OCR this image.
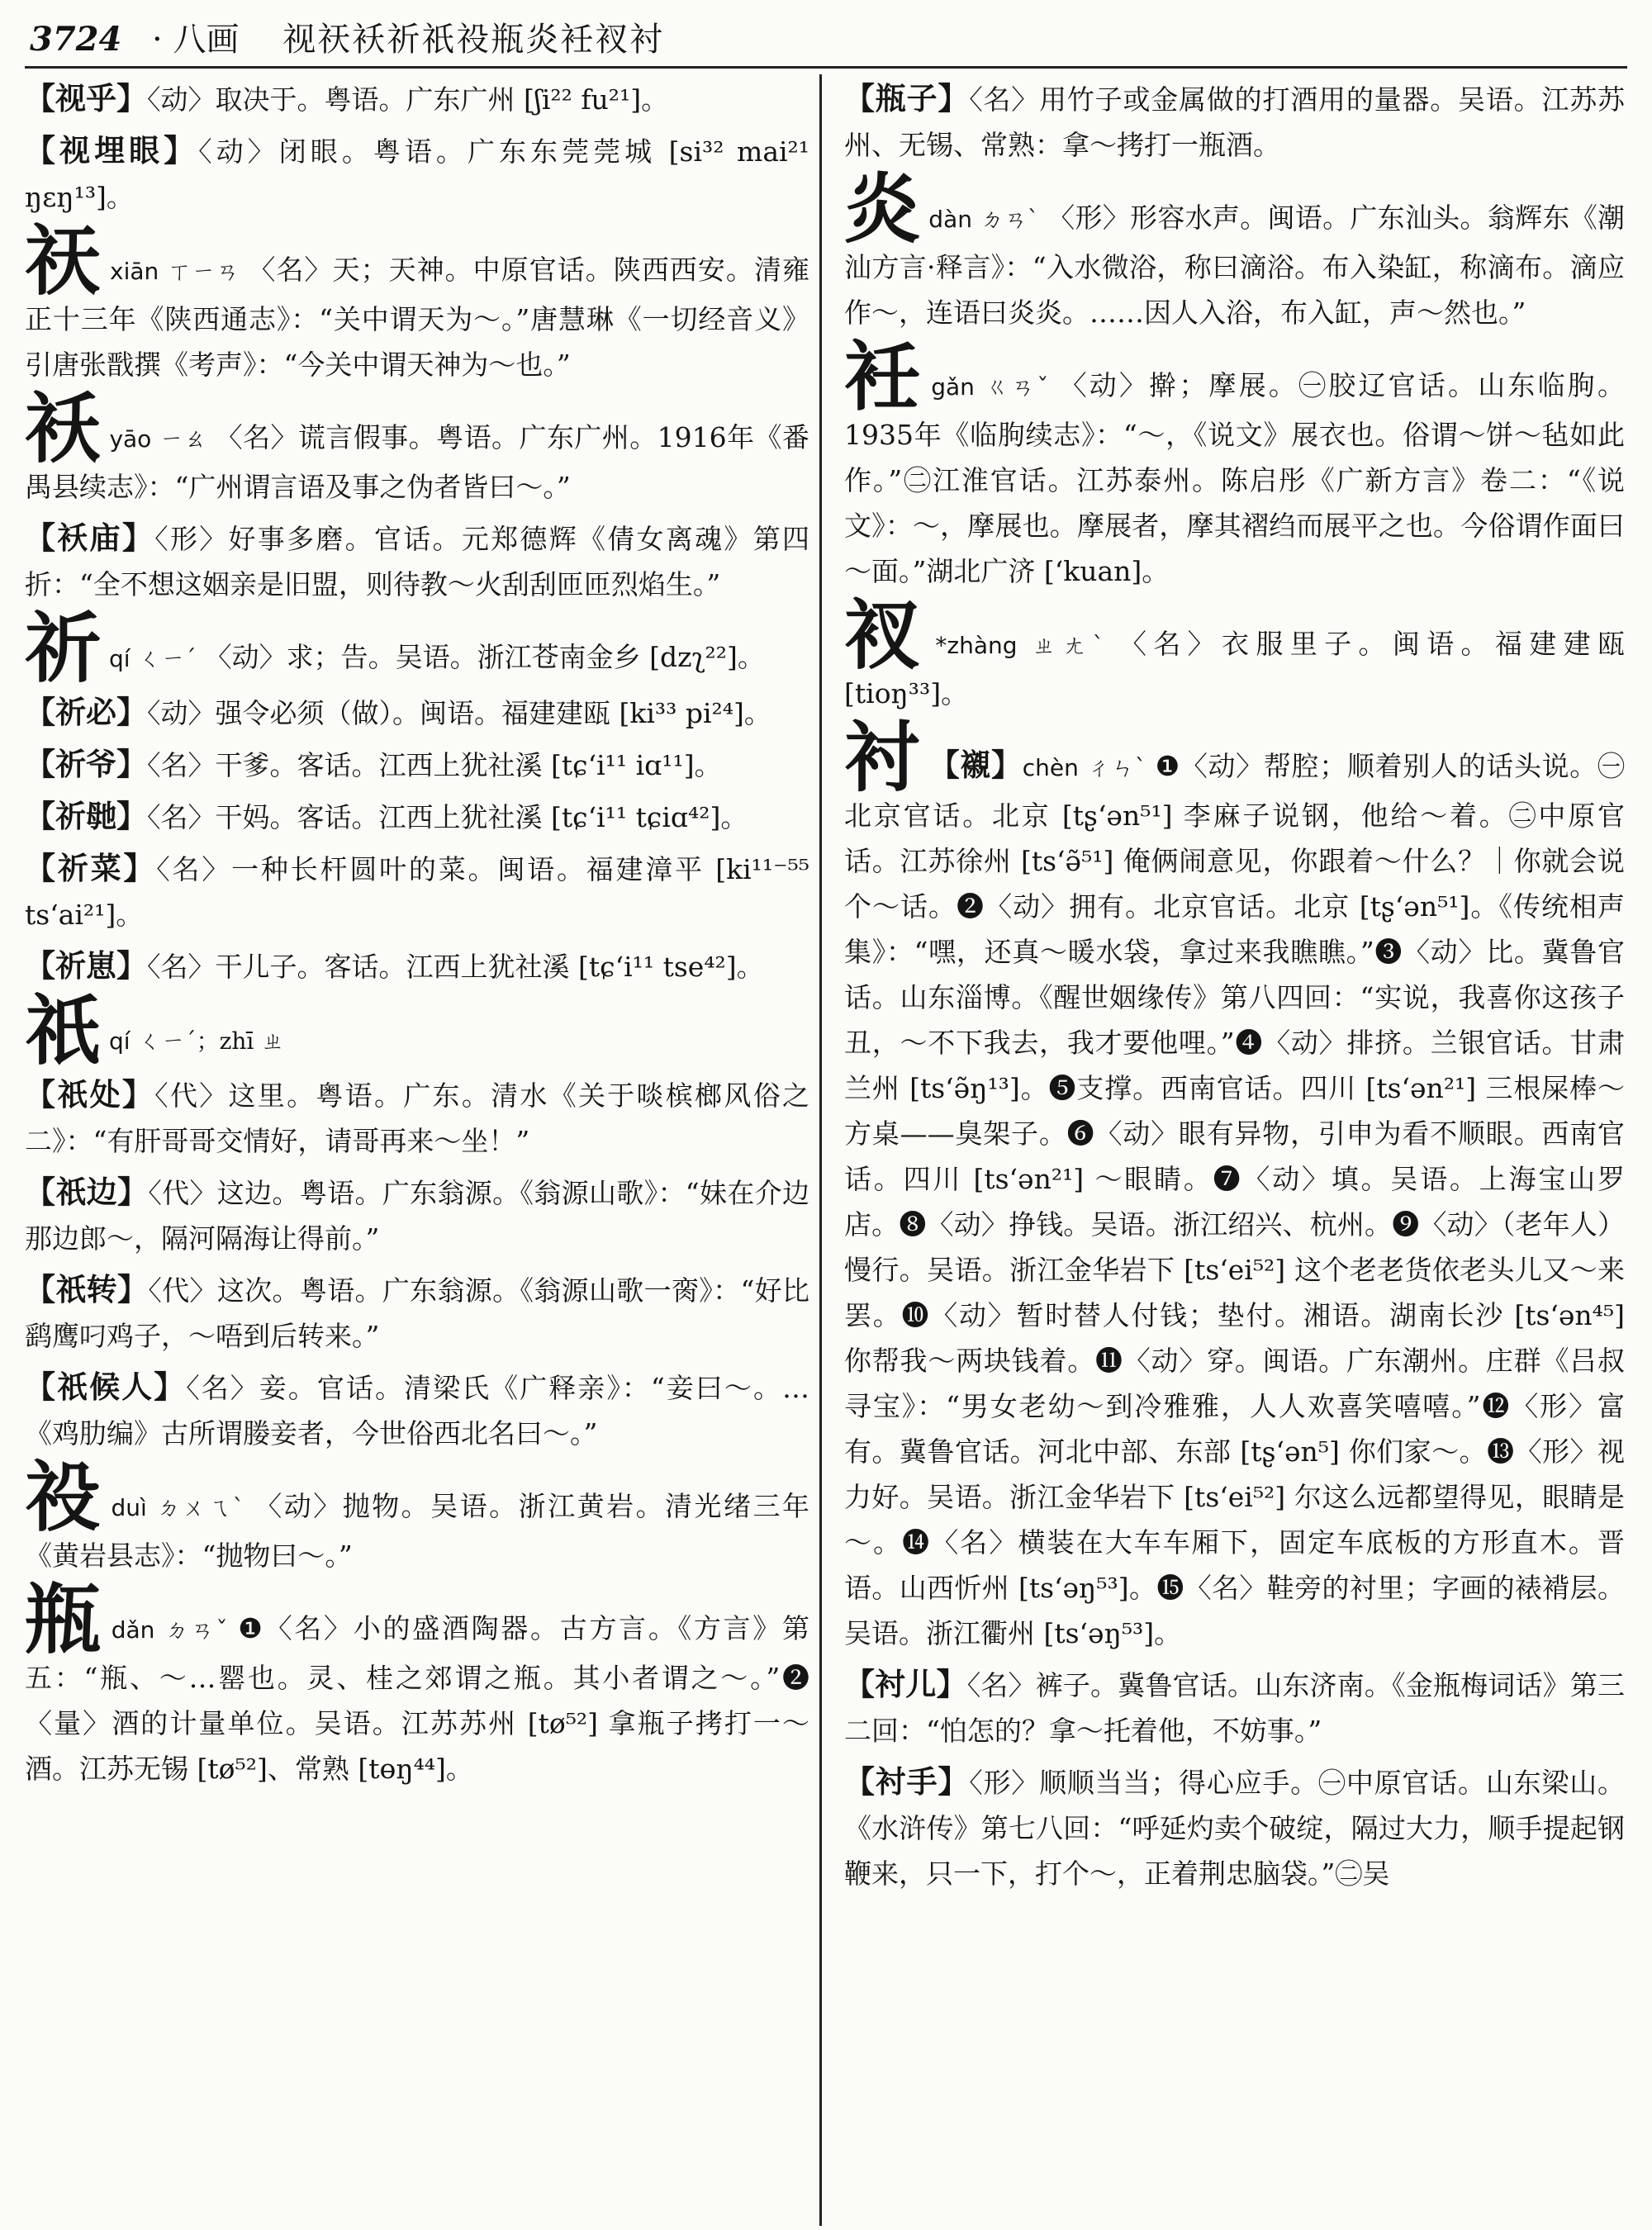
3724 · 八画 视祆袄祈祇祋瓶炎衽衩衬
【视乎】〈动〉取决于。粤语。广东广州 [ʃi²² fu²¹]。
【视埋眼】〈动〉闭眼。粤语。广东东莞莞城 [si³² mai²¹ ŋɛŋ¹³]。
祆xiān ㄒㄧㄢ 〈名〉天；天神。中原官话。陕西西安。清雍正十三年《陕西通志》：“关中谓天为～。”唐慧琳《一切经音义》引唐张戬撰《考声》：“今关中谓天神为～也。”
袄yāo ㄧㄠ 〈名〉谎言假事。粤语。广东广州。1916年《番禺县续志》：“广州谓言语及事之伪者皆曰～。”
【袄庙】〈形〉好事多磨。官话。元郑德辉《倩女离魂》第四折：“全不想这姻亲是旧盟，则待教～火刮刮匝匝烈焰生。”
祈qí ㄑㄧˊ 〈动〉求；告。吴语。浙江苍南金乡 [dzʅ²²]。
【祈必】〈动〉强令必须（做）。闽语。福建建瓯 [ki³³ pi²⁴]。
【祈爷】〈名〉干爹。客话。江西上犹社溪 [tɕʻi¹¹ iɑ¹¹]。
【祈毑】〈名〉干妈。客话。江西上犹社溪 [tɕʻi¹¹ tɕiɑ⁴²]。
【祈菜】〈名〉一种长杆圆叶的菜。闽语。福建漳平 [ki¹¹⁻⁵⁵ tsʻai²¹]。
【祈崽】〈名〉干儿子。客话。江西上犹社溪 [tɕʻi¹¹ tse⁴²]。
祇qí ㄑㄧˊ；zhī ㄓ
【祇处】〈代〉这里。粤语。广东。清水《关于啖槟榔风俗之二》：“有肝哥哥交情好，请哥再来～坐！”
【祇边】〈代〉这边。粤语。广东翁源。《翁源山歌》：“妹在介边那边郎～，隔河隔海让得前。”
【祇转】〈代〉这次。粤语。广东翁源。《翁源山歌一脔》：“好比鹞鹰叼鸡子，～唔到后转来。”
【祇候人】〈名〉妾。官话。清梁氏《广释亲》：“妾曰～。…《鸡肋编》古所谓媵妾者，今世俗西北名曰～。”
祋duì ㄉㄨㄟˋ 〈动〉抛物。吴语。浙江黄岩。清光绪三年《黄岩县志》：“抛物曰～。”
瓶dǎn ㄉㄢˇ ❶〈名〉小的盛酒陶器。古方言。《方言》第五：“瓶、～…罂也。灵、桂之郊谓之瓶。其小者谓之～。”❷〈量〉酒的计量单位。吴语。江苏苏州 [tø⁵²] 拿瓶子拷打一～酒。江苏无锡 [tø⁵²]、常熟 [tɵŋ⁴⁴]。
【瓶子】〈名〉用竹子或金属做的打酒用的量器。吴语。江苏苏州、无锡、常熟：拿～拷打一瓶酒。
炎dàn ㄉㄢˋ 〈形〉形容水声。闽语。广东汕头。翁辉东《潮汕方言·释言》：“入水微浴，称曰滴浴。布入染缸，称滴布。滴应作～，连语曰炎炎。……因人入浴，布入缸，声～然也。”
衽gǎn ㄍㄢˇ 〈动〉擀；摩展。㊀胶辽官话。山东临朐。1935年《临朐续志》：“～，《说文》展衣也。俗谓～饼～毡如此作。”㊁江淮官话。江苏泰州。陈启彤《广新方言》卷二：“《说文》：～，摩展也。摩展者，摩其褶绉而展平之也。今俗谓作面曰～面。”湖北广济 [ʻkuan]。
衩 *zhàng ㄓㄤˋ 〈名〉衣服里子。闽语。福建建瓯 [tioŋ³³]。
衬 【襯】chèn ㄔㄣˋ ❶〈动〉帮腔；顺着别人的话头说。㊀北京官话。北京 [tʂʻən⁵¹] 李麻子说钢，他给～着。㊁中原官话。江苏徐州 [tsʻə̃⁵¹] 俺俩闹意见，你跟着～什么？｜你就会说个～话。❷〈动〉拥有。北京官话。北京 [tʂʻən⁵¹]。《传统相声集》：“嘿，还真～暖水袋，拿过来我瞧瞧。”❸〈动〉比。冀鲁官话。山东淄博。《醒世姻缘传》第八四回：“实说，我喜你这孩子丑，～不下我去，我才要他哩。”❹〈动〉排挤。兰银官话。甘肃兰州 [tsʻə̃ŋ¹³]。❺支撑。西南官话。四川 [tsʻən²¹] 三根屎棒～方桌——臭架子。❻〈动〉眼有异物，引申为看不顺眼。西南官话。四川 [tsʻən²¹] ～眼睛。❼〈动〉填。吴语。上海宝山罗店。❽〈动〉挣钱。吴语。浙江绍兴、杭州。❾〈动〉（老年人）慢行。吴语。浙江金华岩下 [tsʻei⁵²] 这个老老货依老头儿又～来罢。❿〈动〉暂时替人付钱；垫付。湘语。湖南长沙 [tsʻən⁴⁵] 你帮我～两块钱着。⓫〈动〉穿。闽语。广东潮州。庄群《吕叔寻宝》：“男女老幼～到冷雅雅，人人欢喜笑嘻嘻。”⓬〈形〉富有。冀鲁官话。河北中部、东部 [tʂʻən⁵] 你们家～。⓭〈形〉视力好。吴语。浙江金华岩下 [tsʻei⁵²] 尔这么远都望得见，眼睛是～。⓮〈名〉横装在大车车厢下，固定车底板的方形直木。晋语。山西忻州 [tsʻəŋ⁵³]。⓯〈名〉鞋旁的衬里；字画的裱褙层。吴语。浙江衢州 [tsʻəŋ⁵³]。
【衬儿】〈名〉裤子。冀鲁官话。山东济南。《金瓶梅词话》第三二回：“怕怎的？拿～托着他，不妨事。”
【衬手】〈形〉顺顺当当；得心应手。㊀中原官话。山东梁山。《水浒传》第七八回：“呼延灼卖个破绽，隔过大力，顺手提起钢鞭来，只一下，打个～，正着荆忠脑袋。”㊁吴
